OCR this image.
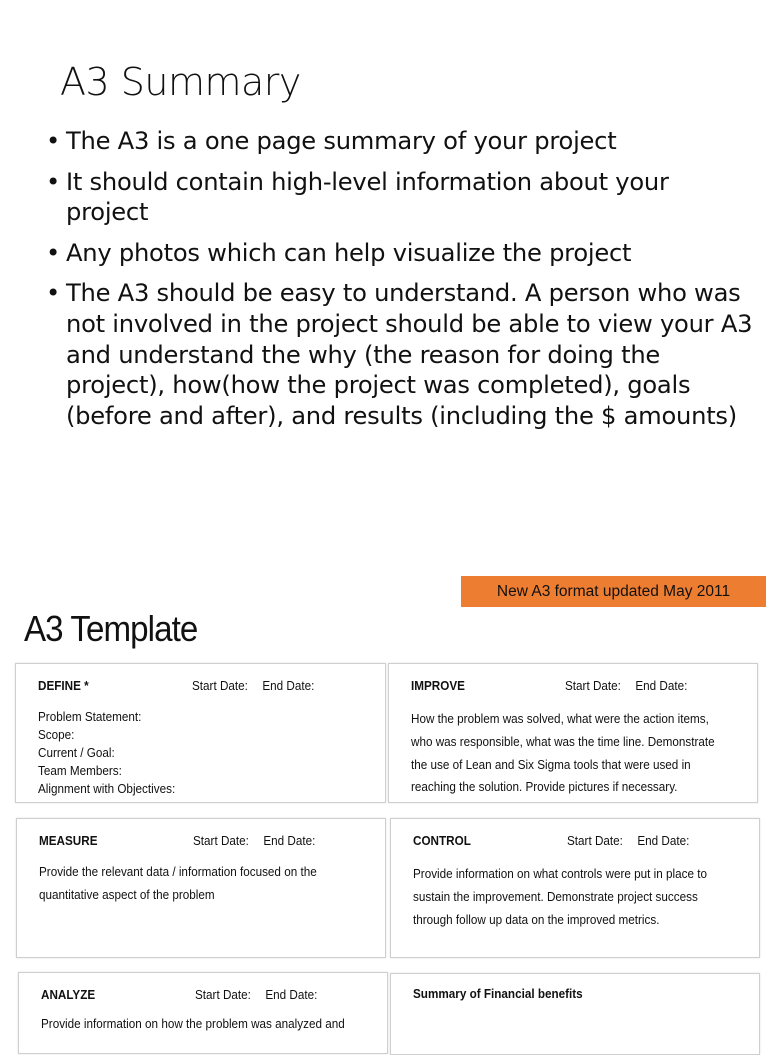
A3 Summary
• The A3 is a one page summary of your project
• It should contain high-level information about your project
• Any photos which can help visualize the project
• The A3 should be easy to understand. A person who was not involved in the project should be able to view your A3 and understand the why (the reason for doing the project), how(how the project was completed), goals (before and after), and results (including the $ amounts)
New A3 format updated May 2011
A3 Template
DEFINE *	Start Date: End Date:
Problem Statement:
Scope:
Current / Goal:
Team Members:
Alignment with Objectives:
IMPROVE	Start Date: End Date:
How the problem was solved, what were the action items,
who was responsible, what was the time line. Demonstrate
the use of Lean and Six Sigma tools that were used in
reaching the solution. Provide pictures if necessary.
MEASURE	Start Date: End Date:
Provide the relevant data / information focused on the
quantitative aspect of the problem
CONTROL	Start Date: End Date:
Provide information on what controls were put in place to
sustain the improvement. Demonstrate project success
through follow up data on the improved metrics.
ANALYZE	Start Date: End Date:
Provide information on how the problem was analyzed and
Summary of Financial benefits
